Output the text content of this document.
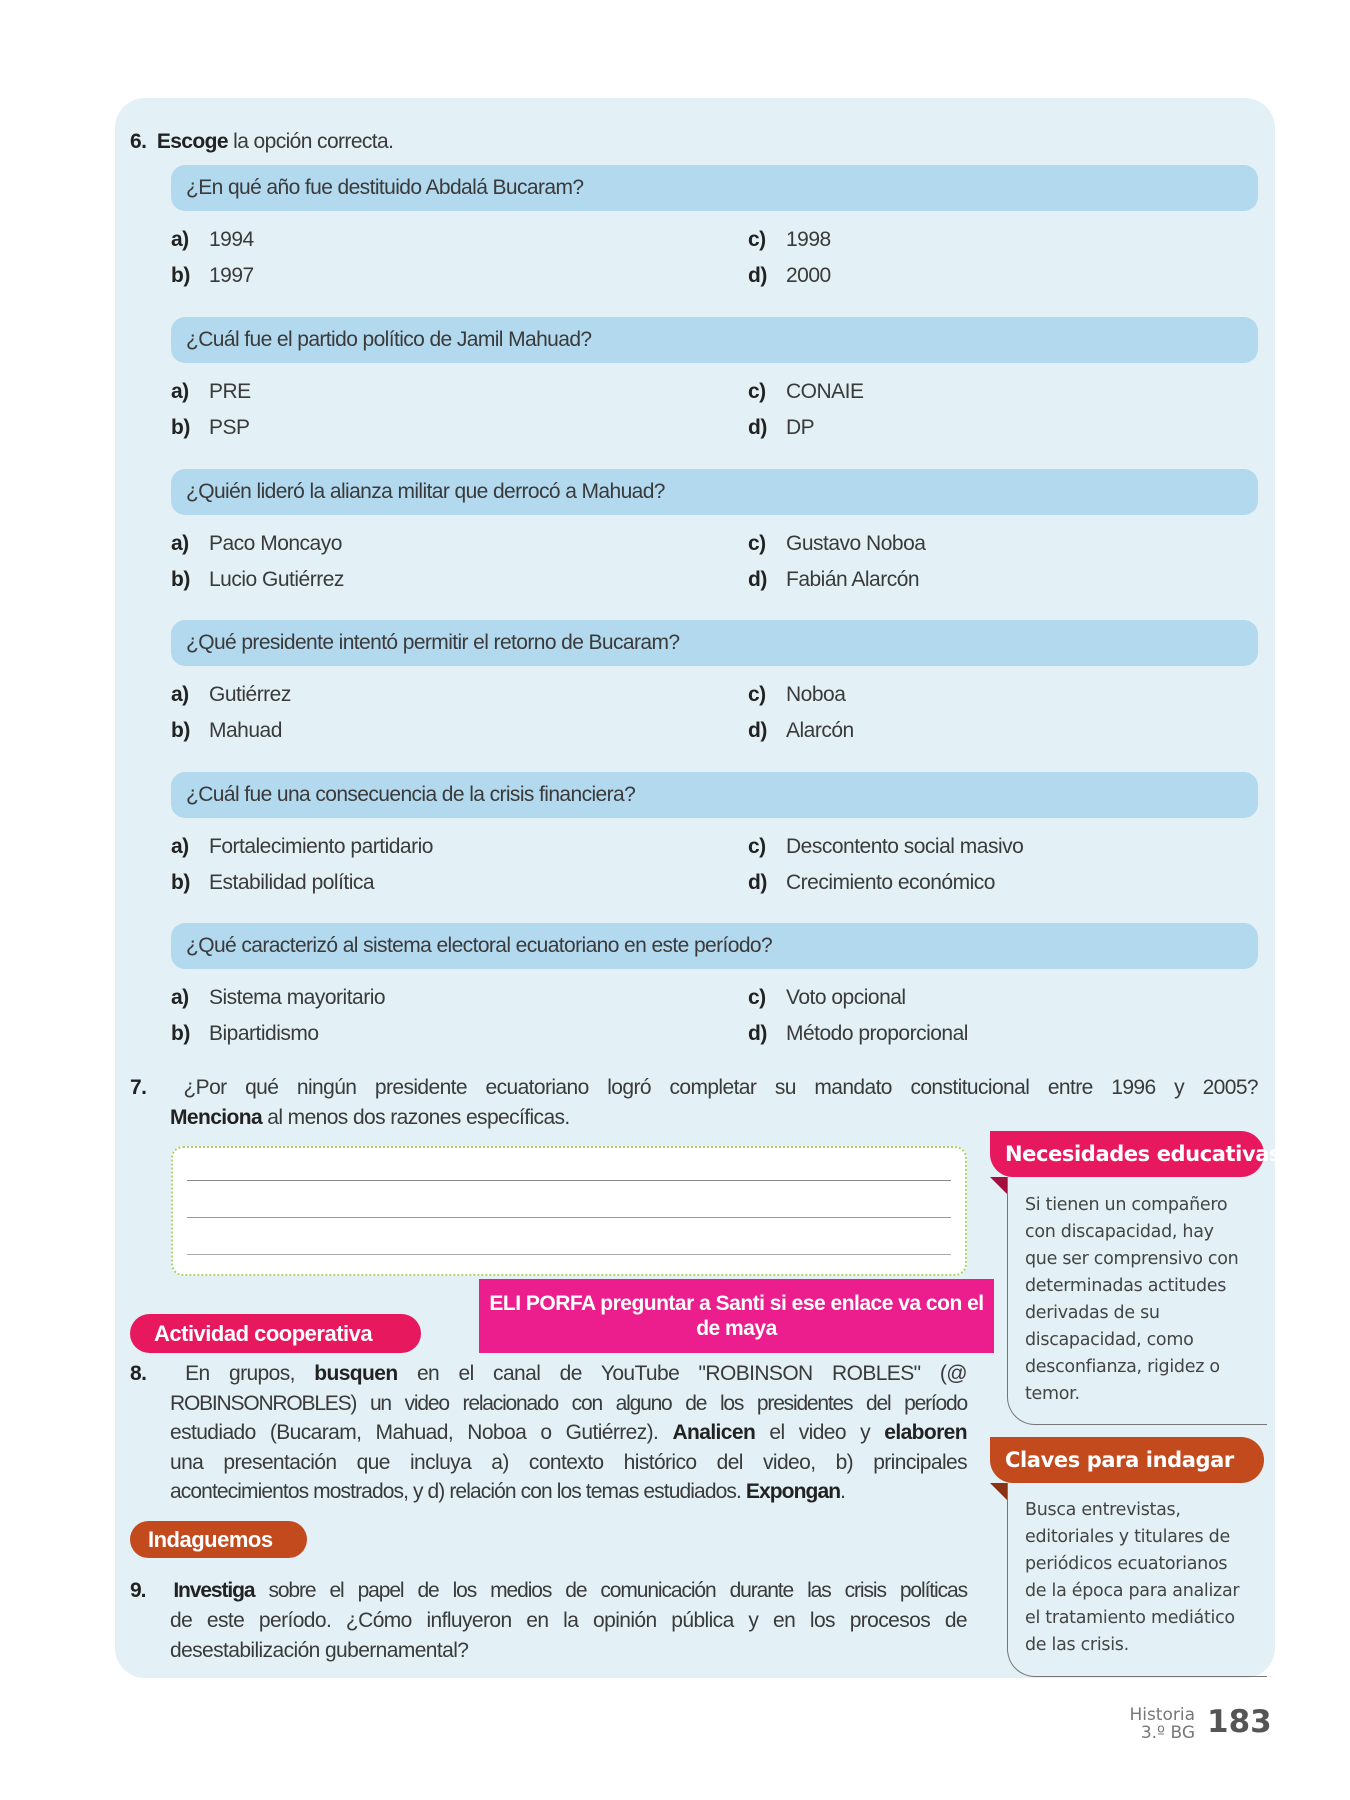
6. Escoge la opción correcta.
¿En qué año fue destituido Abdalá Bucaram?
a) 1994
b) 1997
c) 1998
d) 2000
¿Cuál fue el partido político de Jamil Mahuad?
a) PRE
b) PSP
c) CONAIE
d) DP
¿Quién lideró la alianza militar que derrocó a Mahuad?
a) Paco Moncayo
b) Lucio Gutiérrez
c) Gustavo Noboa
d) Fabián Alarcón
¿Qué presidente intentó permitir el retorno de Bucaram?
a) Gutiérrez
b) Mahuad
c) Noboa
d) Alarcón
¿Cuál fue una consecuencia de la crisis financiera?
a) Fortalecimiento partidario
b) Estabilidad política
c) Descontento social masivo
d) Crecimiento económico
¿Qué caracterizó al sistema electoral ecuatoriano en este período?
a) Sistema mayoritario
b) Bipartidismo
c) Voto opcional
d) Método proporcional
7. ¿Por qué ningún presidente ecuatoriano logró completar su mandato constitucional entre 1996 y 2005?
Menciona al menos dos razones específicas.
ELI PORFA preguntar a Santi si ese enlace va con el de maya
Actividad cooperativa
8. En grupos, busquen en el canal de YouTube "ROBINSON ROBLES" (@
ROBINSONROBLES) un video relacionado con alguno de los presidentes del período
estudiado (Bucaram, Mahuad, Noboa o Gutiérrez). Analicen el video y elaboren
una presentación que incluya a) contexto histórico del video, b) principales
acontecimientos mostrados, y d) relación con los temas estudiados. Expongan.
Indaguemos
9. Investiga sobre el papel de los medios de comunicación durante las crisis políticas
de este período. ¿Cómo influyeron en la opinión pública y en los procesos de
desestabilización gubernamental?
Necesidades educativas
Si tienen un compañero
con discapacidad, hay
que ser comprensivo con
determinadas actitudes
derivadas de su
discapacidad, como
desconfianza, rigidez o
temor.
Claves para indagar
Busca entrevistas,
editoriales y titulares de
periódicos ecuatorianos
de la época para analizar
el tratamiento mediático
de las crisis.
Historia
3.º BG 183
